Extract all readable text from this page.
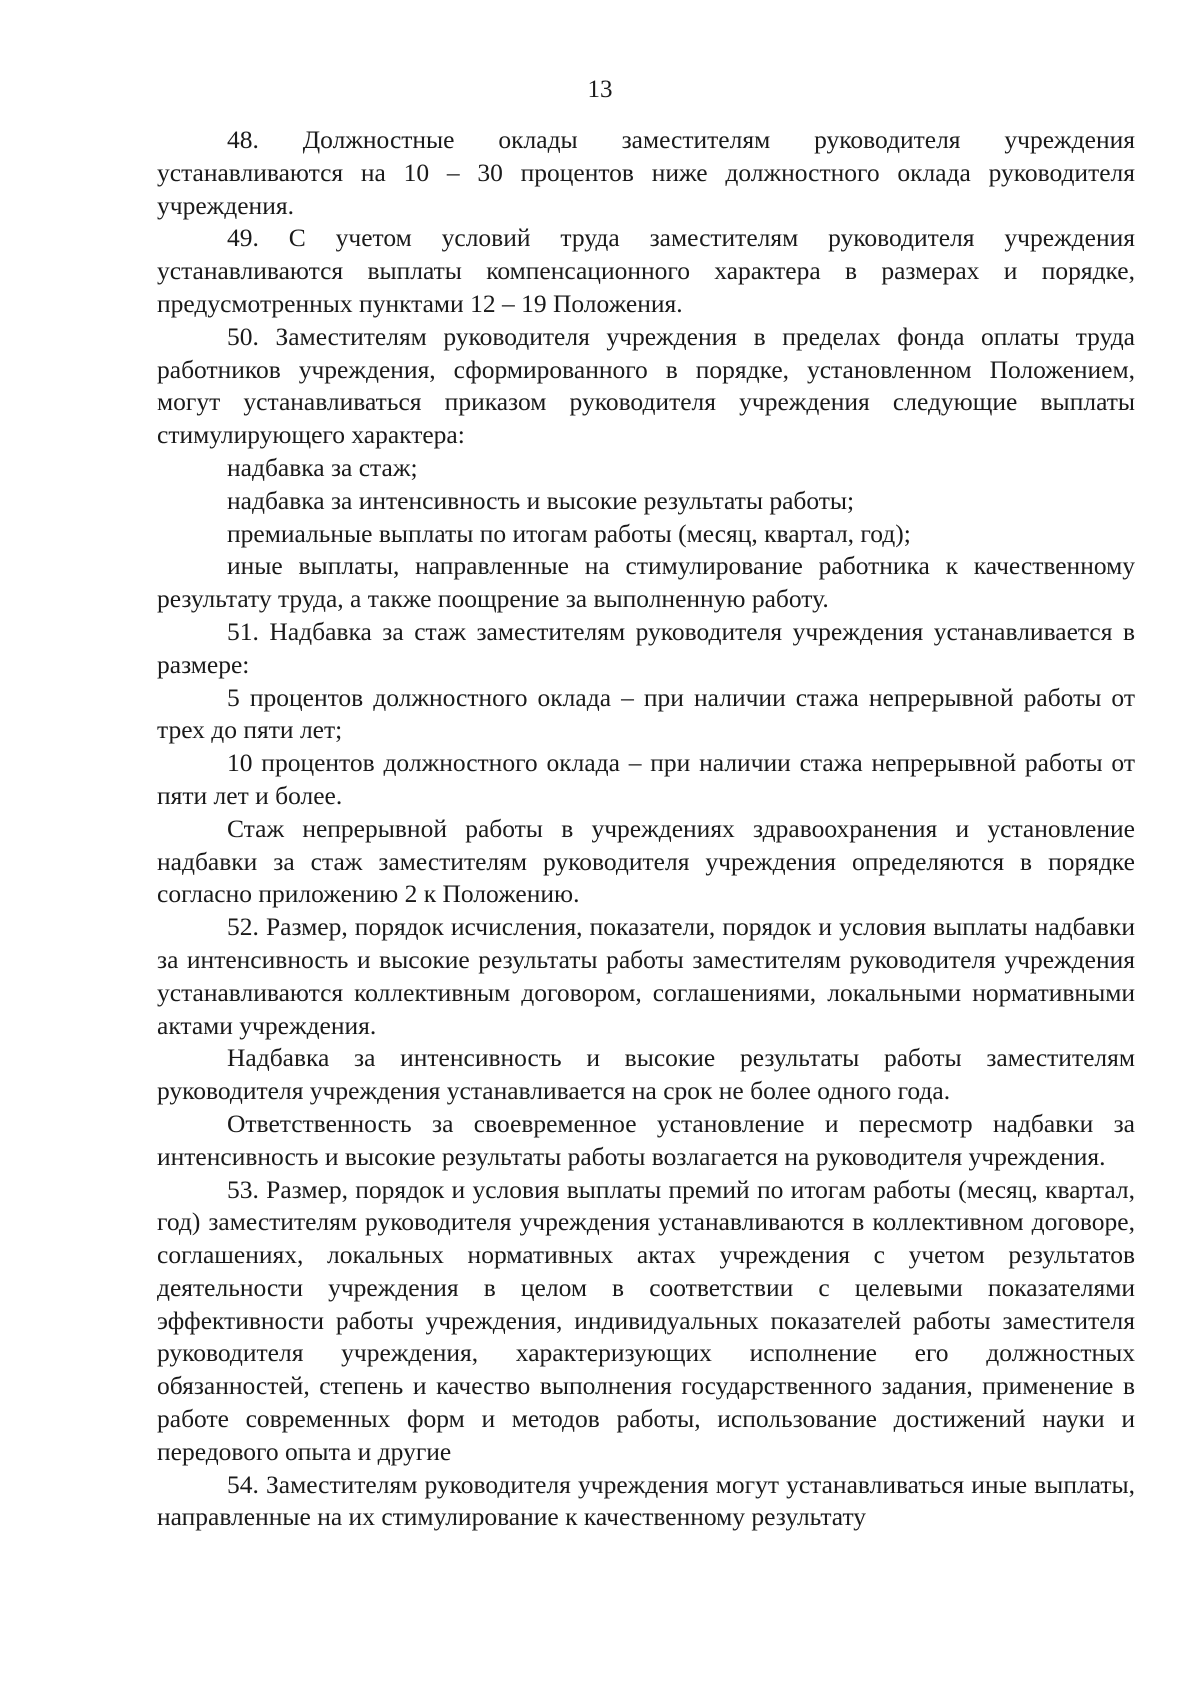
13

48. Должностные оклады заместителям руководителя учреждения устанавливаются на 10 – 30 процентов ниже должностного оклада руководителя учреждения.

49. С учетом условий труда заместителям руководителя учреждения устанавливаются выплаты компенсационного характера в размерах и порядке, предусмотренных пунктами 12 – 19 Положения.

50. Заместителям руководителя учреждения в пределах фонда оплаты труда работников учреждения, сформированного в порядке, установленном Положением, могут устанавливаться приказом руководителя учреждения следующие выплаты стимулирующего характера:

надбавка за стаж;

надбавка за интенсивность и высокие результаты работы;

премиальные выплаты по итогам работы (месяц, квартал, год);

иные выплаты, направленные на стимулирование работника к качественному результату труда, а также поощрение за выполненную работу.

51. Надбавка за стаж заместителям руководителя учреждения устанавливается в размере:

5 процентов должностного оклада – при наличии стажа непрерывной работы от трех до пяти лет;

10 процентов должностного оклада – при наличии стажа непрерывной работы от пяти лет и более.

Стаж непрерывной работы в учреждениях здравоохранения и установление надбавки за стаж заместителям руководителя учреждения определяются в порядке согласно приложению 2 к Положению.

52. Размер, порядок исчисления, показатели, порядок и условия выплаты надбавки за интенсивность и высокие результаты работы заместителям руководителя учреждения устанавливаются коллективным договором, соглашениями, локальными нормативными актами учреждения.

Надбавка за интенсивность и высокие результаты работы заместителям руководителя учреждения устанавливается на срок не более одного года.

Ответственность за своевременное установление и пересмотр надбавки за интенсивность и высокие результаты работы возлагается на руководителя учреждения.

53. Размер, порядок и условия выплаты премий по итогам работы (месяц, квартал, год) заместителям руководителя учреждения устанавливаются в коллективном договоре, соглашениях, локальных нормативных актах учреждения с учетом результатов деятельности учреждения в целом в соответствии с целевыми показателями эффективности работы учреждения, индивидуальных показателей работы заместителя руководителя учреждения, характеризующих исполнение его должностных обязанностей, степень и качество выполнения государственного задания, применение в работе современных форм и методов работы, использование достижений науки и передового опыта и другие

54. Заместителям руководителя учреждения могут устанавливаться иные выплаты, направленные на их стимулирование к качественному результату
